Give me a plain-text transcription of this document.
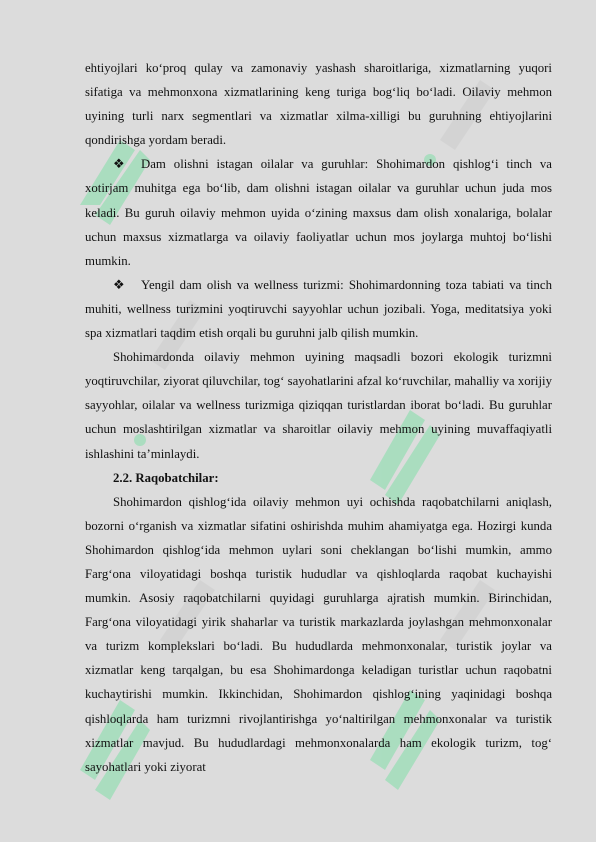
ehtiyojlari ko‘proq qulay va zamonaviy yashash sharoitlariga, xizmatlarning yuqori sifatiga va mehmonxona xizmatlarining keng turiga bog‘liq bo‘ladi. Oilaviy mehmon uyining turli narx segmentlari va xizmatlar xilma-xilligi bu guruhning ehtiyojlarini qondirishga yordam beradi.

❖ Dam olishni istagan oilalar va guruhlar: Shohimardon qishlog‘i tinch va xotirjam muhitga ega bo‘lib, dam olishni istagan oilalar va guruhlar uchun juda mos keladi. Bu guruh oilaviy mehmon uyida o‘zining maxsus dam olish xonalariga, bolalar uchun maxsus xizmatlarga va oilaviy faoliyatlar uchun mos joylarga muhtoj bo‘lishi mumkin.

❖ Yengil dam olish va wellness turizmi: Shohimardonning toza tabiati va tinch muhiti, wellness turizmini yoqtiruvchi sayyohlar uchun jozibali. Yoga, meditatsiya yoki spa xizmatlari taqdim etish orqali bu guruhni jalb qilish mumkin.

Shohimardonda oilaviy mehmon uyining maqsadli bozori ekologik turizmni yoqtiruvchilar, ziyorat qiluvchilar, tog‘ sayohatlarini afzal ko‘ruvchilar, mahalliy va xorijiy sayyohlar, oilalar va wellness turizmiga qiziqqan turistlardan iborat bo‘ladi. Bu guruhlar uchun moslashtirilgan xizmatlar va sharoitlar oilaviy mehmon uyining muvaffaqiyatli ishlashini ta’minlaydi.

2.2. Raqobatchilar:

Shohimardon qishlog‘ida oilaviy mehmon uyi ochishda raqobatchilarni aniqlash, bozorni o‘rganish va xizmatlar sifatini oshirishda muhim ahamiyatga ega. Hozirgi kunda Shohimardon qishlog‘ida mehmon uylari soni cheklangan bo‘lishi mumkin, ammo Farg‘ona viloyatidagi boshqa turistik hududlar va qishloqlarda raqobat kuchayishi mumkin. Asosiy raqobatchilarni quyidagi guruhlarga ajratish mumkin. Birinchidan, Farg‘ona viloyatidagi yirik shaharlar va turistik markazlarda joylashgan mehmonxonalar va turizm komplekslari bo‘ladi. Bu hududlarda mehmonxonalar, turistik joylar va xizmatlar keng tarqalgan, bu esa Shohimardonga keladigan turistlar uchun raqobatni kuchaytirishi mumkin. Ikkinchidan, Shohimardon qishlog‘ining yaqinidagi boshqa qishloqlarda ham turizmni rivojlantirishga yo‘naltirilgan mehmonxonalar va turistik xizmatlar mavjud. Bu hududlardagi mehmonxonalarda ham ekologik turizm, tog‘ sayohatlari yoki ziyorat
